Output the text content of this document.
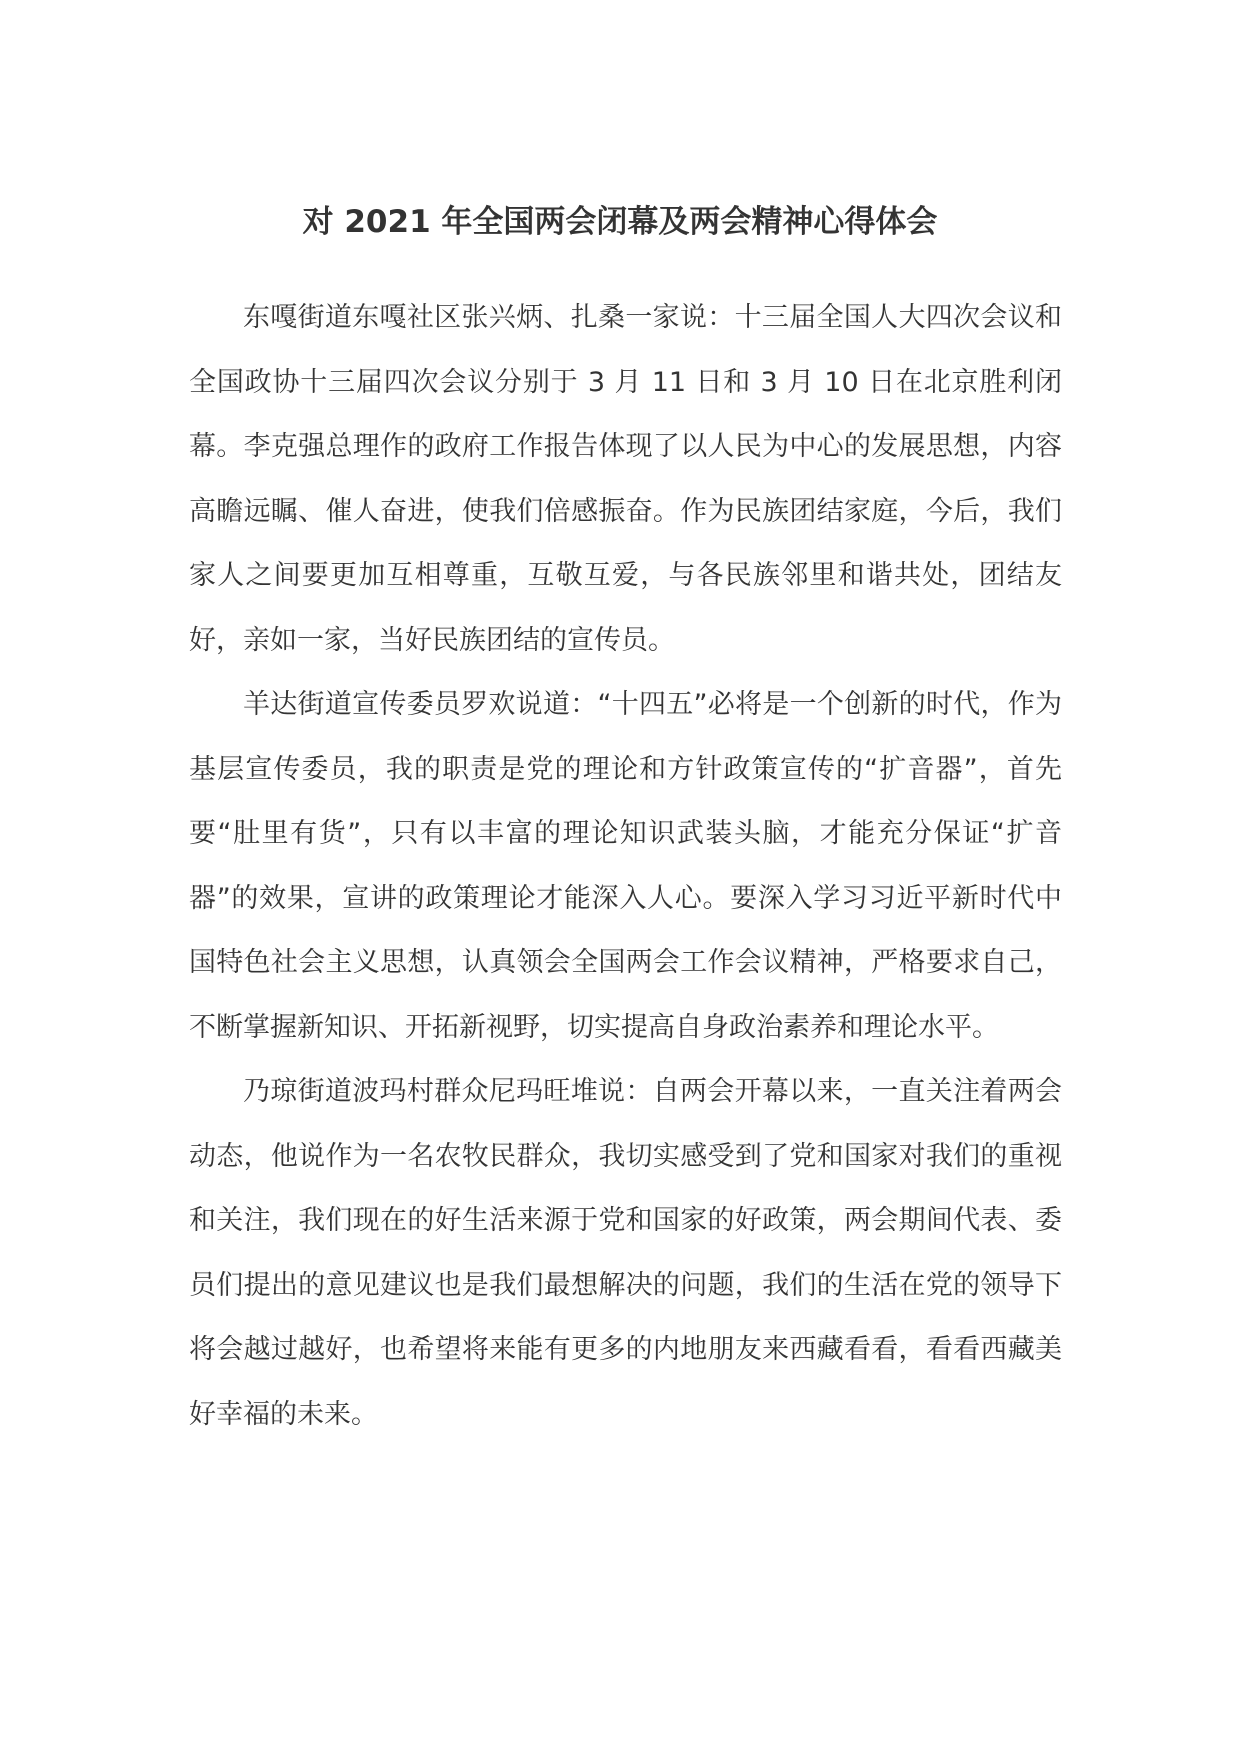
对 2021 年全国两会闭幕及两会精神心得体会

东嘎街道东嘎社区张兴炳、扎桑一家说：十三届全国人大四次会议和全国政协十三届四次会议分别于 3 月 11 日和 3 月 10 日在北京胜利闭幕。李克强总理作的政府工作报告体现了以人民为中心的发展思想，内容高瞻远瞩、催人奋进，使我们倍感振奋。作为民族团结家庭，今后，我们家人之间要更加互相尊重，互敬互爱，与各民族邻里和谐共处，团结友好，亲如一家，当好民族团结的宣传员。

羊达街道宣传委员罗欢说道：“十四五”必将是一个创新的时代，作为基层宣传委员，我的职责是党的理论和方针政策宣传的“扩音器”，首先要“肚里有货”，只有以丰富的理论知识武装头脑，才能充分保证“扩音器”的效果，宣讲的政策理论才能深入人心。要深入学习习近平新时代中国特色社会主义思想，认真领会全国两会工作会议精神，严格要求自己，不断掌握新知识、开拓新视野，切实提高自身政治素养和理论水平。

乃琼街道波玛村群众尼玛旺堆说：自两会开幕以来，一直关注着两会动态，他说作为一名农牧民群众，我切实感受到了党和国家对我们的重视和关注，我们现在的好生活来源于党和国家的好政策，两会期间代表、委员们提出的意见建议也是我们最想解决的问题，我们的生活在党的领导下将会越过越好，也希望将来能有更多的内地朋友来西藏看看，看看西藏美好幸福的未来。
